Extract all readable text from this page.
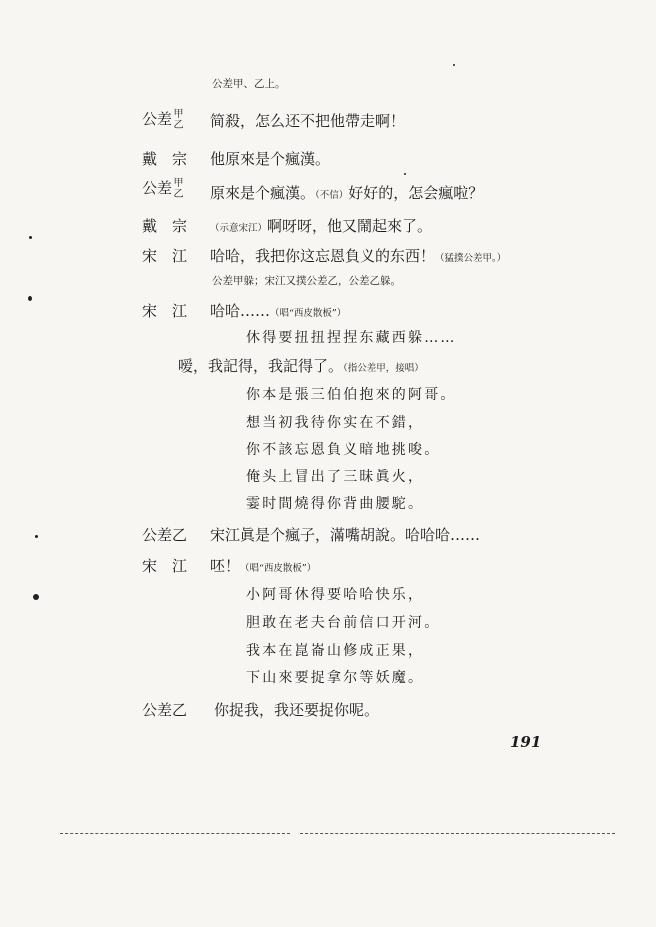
公差甲、乙上。
公差 甲
乙 简殺，怎么还不把他帶走啊！
戴　宗 他原來是个瘋漢。
公差 甲
乙 原來是个瘋漢。（不信）好好的，怎会瘋啦？
戴　宗 （示意宋江）啊呀呀，他又鬧起來了。
宋　江 哈哈，我把你这忘恩負义的东西！（猛撲公差甲。）
公差甲躲；宋江又撲公差乙，公差乙躲。
宋　江 哈哈……（唱“西皮散板”）
休得要扭扭捏捏东藏西躲……
嗳，我記得，我記得了。（指公差甲，接唱）
你本是張三伯伯抱來的阿哥。
想当初我待你实在不錯，
你不該忘恩負义暗地挑唆。
俺头上冒出了三昧眞火，
霎时間燒得你背曲腰駝。
公差乙 宋江眞是个瘋子，滿嘴胡說。哈哈哈……
宋　江 呸！（唱“西皮散板”）
小阿哥休得要哈哈快乐，
胆敢在老夫台前信口开河。
我本在崑崙山修成正果，
下山來要捉拿尔等妖魔。
公差乙 你捉我，我还要捉你呢。
191
